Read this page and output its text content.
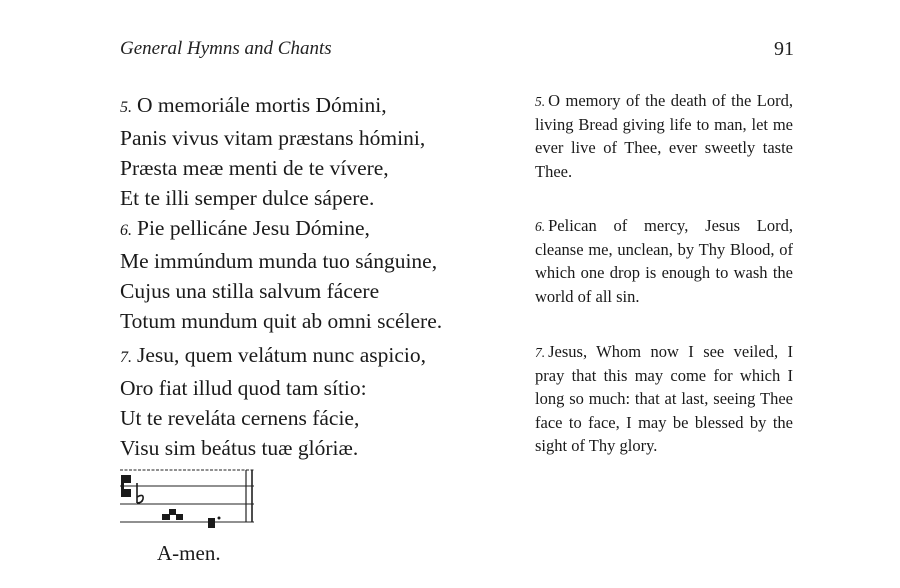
General Hymns and Chants	91
5. O memoriále mortis Dómini,
Panis vivus vitam præstans hómini,
Præsta meæ menti de te vívere,
Et te illi semper dulce sápere.
6. Pie pellicáne Jesu Dómine,
Me immúndum munda tuo sánguine,
Cujus una stilla salvum fácere
Totum mundum quit ab omni scélere.
7. Jesu, quem velátum nunc aspicio,
Oro fiat illud quod tam sítio:
Ut te reveláta cernens fácie,
Visu sim beátus tuæ glóriæ.
5. O memory of the death of the Lord, living Bread giving life to man, let me ever live of Thee, ever sweetly taste Thee.
6. Pelican of mercy, Jesus Lord, cleanse me, unclean, by Thy Blood, of which one drop is enough to wash the world of all sin.
7. Jesus, Whom now I see veiled, I pray that this may come for which I long so much: that at last, seeing Thee face to face, I may be blessed by the sight of Thy glory.
A-men.
